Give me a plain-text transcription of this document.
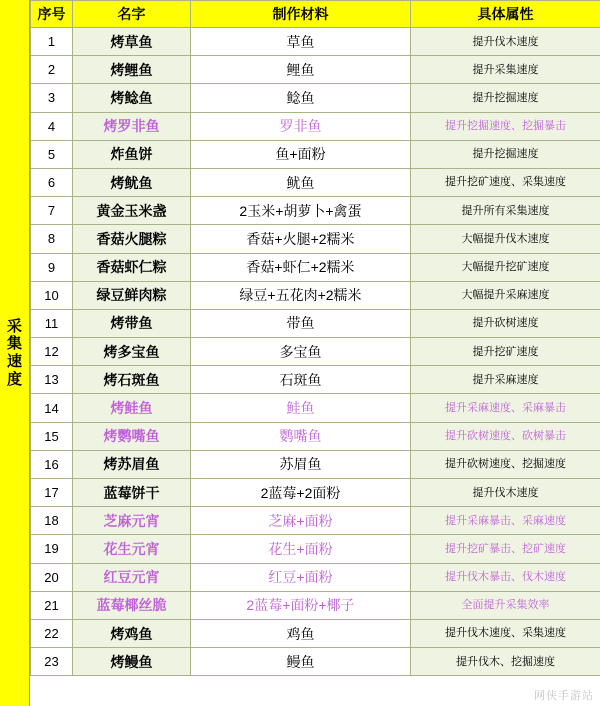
采集速度
序号	名字	制作材料	具体属性
1	烤草鱼	草鱼	提升伐木速度
2	烤鲤鱼	鲤鱼	提升采集速度
3	烤鲶鱼	鲶鱼	提升挖掘速度
4	烤罗非鱼	罗非鱼	提升挖掘速度、挖掘暴击
5	炸鱼饼	鱼+面粉	提升挖掘速度
6	烤鱿鱼	鱿鱼	提升挖矿速度、采集速度
7	黄金玉米盏	2玉米+胡萝卜+禽蛋	提升所有采集速度
8	香菇火腿粽	香菇+火腿+2糯米	大幅提升伐木速度
9	香菇虾仁粽	香菇+虾仁+2糯米	大幅提升挖矿速度
10	绿豆鲜肉粽	绿豆+五花肉+2糯米	大幅提升采麻速度
11	烤带鱼	带鱼	提升砍树速度
12	烤多宝鱼	多宝鱼	提升挖矿速度
13	烤石斑鱼	石斑鱼	提升采麻速度
14	烤鲑鱼	鲑鱼	提升采麻速度、采麻暴击
15	烤鹦嘴鱼	鹦嘴鱼	提升砍树速度、砍树暴击
16	烤苏眉鱼	苏眉鱼	提升砍树速度、挖掘速度
17	蓝莓饼干	2蓝莓+2面粉	提升伐木速度
18	芝麻元宵	芝麻+面粉	提升采麻暴击、采麻速度
19	花生元宵	花生+面粉	提升挖矿暴击、挖矿速度
20	红豆元宵	红豆+面粉	提升伐木暴击、伐木速度
21	蓝莓椰丝脆	2蓝莓+面粉+椰子	全面提升采集效率
22	烤鸡鱼	鸡鱼	提升伐木速度、采集速度
23	烤鳗鱼	鳗鱼	提升伐木、挖掘速度
网侠手游站
